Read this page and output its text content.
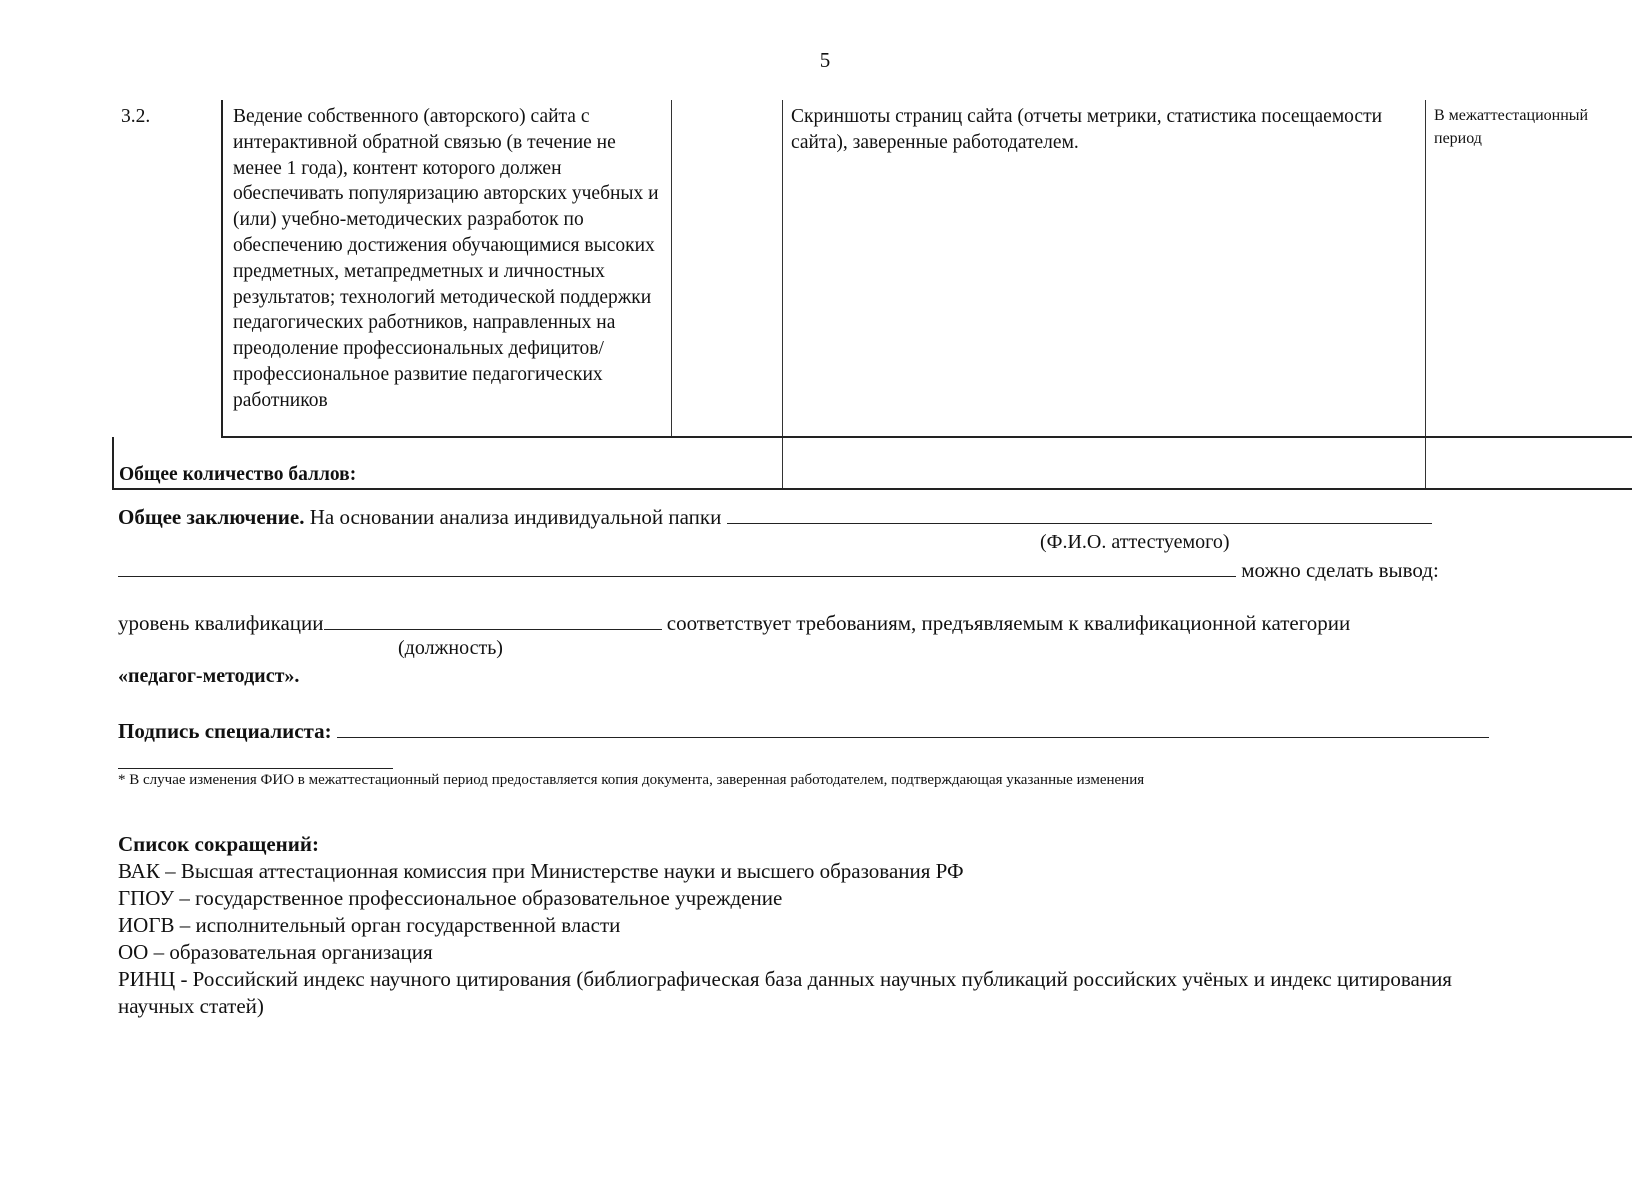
5
3.2.	Ведение собственного (авторского) сайта с интерактивной обратной связью (в течение не менее 1 года), контент которого должен обеспечивать популяризацию авторских учебных и (или) учебно-методических разработок по обеспечению достижения обучающимися высоких предметных, метапредметных и личностных результатов; технологий методической поддержки педагогических работников, направленных на преодоление профессиональных дефицитов/профессиональное развитие педагогических работников		Скриншоты страниц сайта (отчеты метрики, статистика посещаемости сайта), заверенные работодателем.	В межаттестационный период
Общее количество баллов:				
Общее заключение. На основании анализа индивидуальной папки
(Ф.И.О. аттестуемого)
можно сделать вывод:
уровень квалификации	соответствует требованиям, предъявляемым к квалификационной категории
(должность)
«педагог-методист».
Подпись специалиста:
* В случае изменения ФИО в межаттестационный период предоставляется копия документа, заверенная работодателем, подтверждающая указанные изменения
Список сокращений:
ВАК – Высшая аттестационная комиссия при Министерстве науки и высшего образования РФ
ГПОУ – государственное профессиональное образовательное учреждение
ИОГВ – исполнительный орган государственной власти
ОО – образовательная организация
РИНЦ - Российский индекс научного цитирования (библиографическая база данных научных публикаций российских учёных и индекс цитирования научных статей)
